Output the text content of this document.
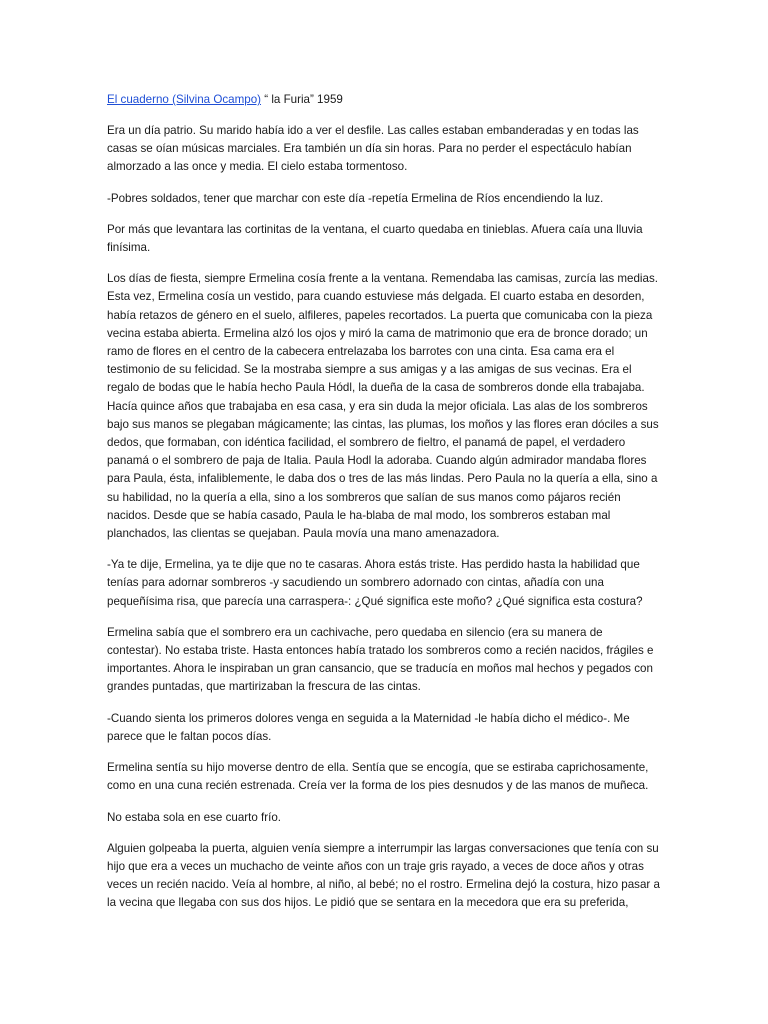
El cuaderno (Silvina Ocampo) “ la Furia” 1959

Era un día patrio. Su marido había ido a ver el desfile. Las calles estaban embanderadas y en todas las casas se oían músicas marciales. Era también un día sin horas. Para no perder el espectáculo habían almorzado a las once y media. El cielo estaba tormentoso.

-Pobres soldados, tener que marchar con este día -repetía Ermelina de Ríos encendiendo la luz.

Por más que levantara las cortinitas de la ventana, el cuarto quedaba en tinieblas. Afuera caía una lluvia finísima.

Los días de fiesta, siempre Ermelina cosía frente a la ventana. Remendaba las camisas, zurcía las medias. Esta vez, Ermelina cosía un vestido, para cuando estuviese más delgada. El cuarto estaba en desorden, había retazos de género en el suelo, alfileres, papeles recortados. La puerta que comunicaba con la pieza vecina estaba abierta. Ermelina alzó los ojos y miró la cama de matrimonio que era de bronce dorado; un ramo de flores en el centro de la cabecera entrelazaba los barrotes con una cinta. Esa cama era el testimonio de su felicidad. Se la mostraba siempre a sus amigas y a las amigas de sus vecinas. Era el regalo de bodas que le había hecho Paula Hódl, la dueña de la casa de sombreros donde ella trabajaba. Hacía quince años que trabajaba en esa casa, y era sin duda la mejor oficiala. Las alas de los sombreros bajo sus manos se plegaban mágicamente; las cintas, las plumas, los moños y las flores eran dóciles a sus dedos, que formaban, con idéntica facilidad, el sombrero de fieltro, el panamá de papel, el verdadero panamá o el sombrero de paja de Italia. Paula Hodl la adoraba. Cuando algún admirador mandaba flores para Paula, ésta, infaliblemente, le daba dos o tres de las más lindas. Pero Paula no la quería a ella, sino a su habilidad, no la quería a ella, sino a los sombreros que salían de sus manos como pájaros recién nacidos. Desde que se había casado, Paula le ha-blaba de mal modo, los sombreros estaban mal planchados, las clientas se quejaban. Paula movía una mano amenazadora.

-Ya te dije, Ermelina, ya te dije que no te casaras. Ahora estás triste. Has perdido hasta la habilidad que tenías para adornar sombreros -y sacudiendo un sombrero adornado con cintas, añadía con una pequeñísima risa, que parecía una carraspera-: ¿Qué significa este moño? ¿Qué significa esta costura?

Ermelina sabía que el sombrero era un cachivache, pero quedaba en silencio (era su manera de contestar). No estaba triste. Hasta entonces había tratado los sombreros como a recién nacidos, frágiles e importantes. Ahora le inspiraban un gran cansancio, que se traducía en moños mal hechos y pegados con grandes puntadas, que martirizaban la frescura de las cintas.

-Cuando sienta los primeros dolores venga en seguida a la Maternidad -le había dicho el médico-. Me parece que le faltan pocos días.

Ermelina sentía su hijo moverse dentro de ella. Sentía que se encogía, que se estiraba caprichosamente, como en una cuna recién estrenada. Creía ver la forma de los pies desnudos y de las manos de muñeca.

No estaba sola en ese cuarto frío.

Alguien golpeaba la puerta, alguien venía siempre a interrumpir las largas conversaciones que tenía con su hijo que era a veces un muchacho de veinte años con un traje gris rayado, a veces de doce años y otras veces un recién nacido. Veía al hombre, al niño, al bebé; no el rostro. Ermelina dejó la costura, hizo pasar a la vecina que llegaba con sus dos hijos. Le pidió que se sentara en la mecedora que era su preferida,
